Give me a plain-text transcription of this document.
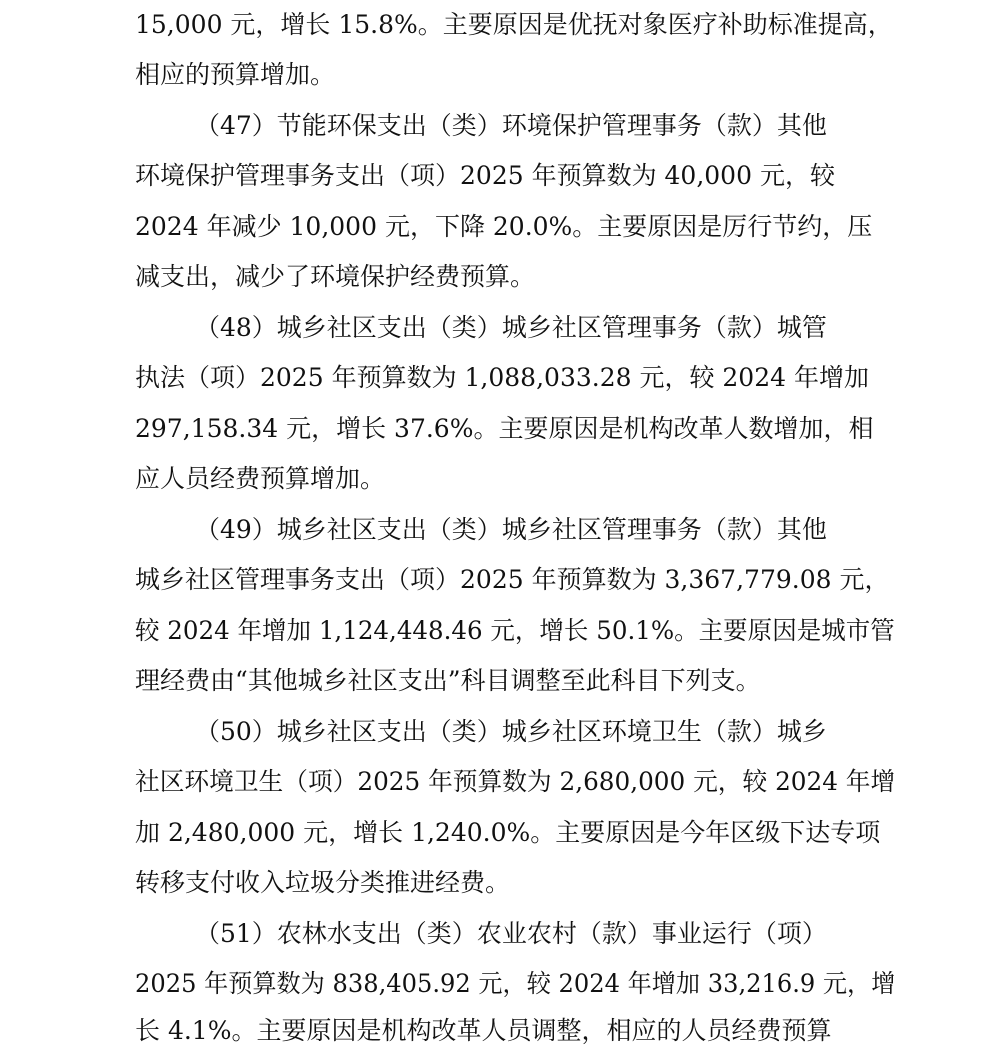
15,000 元，增长 15.8%。主要原因是优抚对象医疗补助标准提高，
相应的预算增加。
（47）节能环保支出（类）环境保护管理事务（款）其他
环境保护管理事务支出（项）2025 年预算数为 40,000 元，较
2024 年减少 10,000 元，下降 20.0%。主要原因是厉行节约，压
减支出，减少了环境保护经费预算。
（48）城乡社区支出（类）城乡社区管理事务（款）城管
执法（项）2025 年预算数为 1,088,033.28 元，较 2024 年增加
297,158.34 元，增长 37.6%。主要原因是机构改革人数增加，相
应人员经费预算增加。
（49）城乡社区支出（类）城乡社区管理事务（款）其他
城乡社区管理事务支出（项）2025 年预算数为 3,367,779.08 元，
较 2024 年增加 1,124,448.46 元，增长 50.1%。主要原因是城市管
理经费由“其他城乡社区支出”科目调整至此科目下列支。
（50）城乡社区支出（类）城乡社区环境卫生（款）城乡
社区环境卫生（项）2025 年预算数为 2,680,000 元，较 2024 年增
加 2,480,000 元，增长 1,240.0%。主要原因是今年区级下达专项
转移支付收入垃圾分类推进经费。
（51）农林水支出（类）农业农村（款）事业运行（项）
2025 年预算数为 838,405.92 元，较 2024 年增加 33,216.9 元，增
长 4.1%。主要原因是机构改革人员调整，相应的人员经费预算
